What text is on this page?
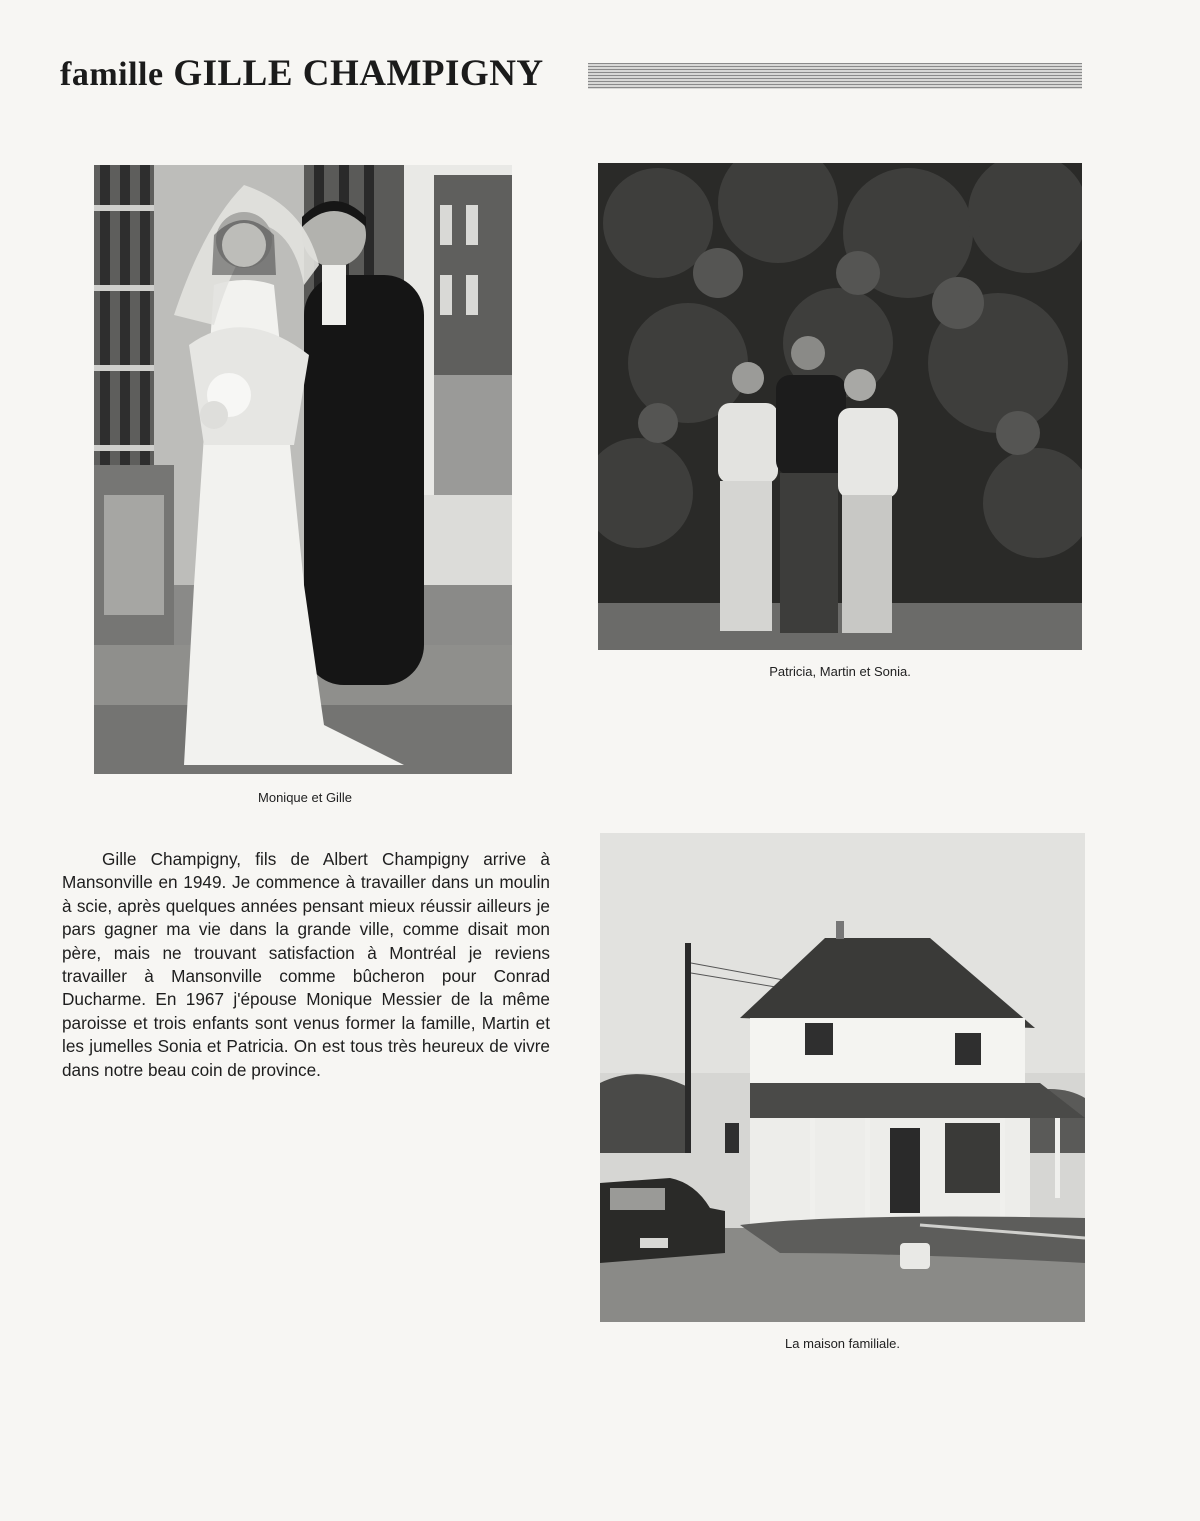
famille GILLE CHAMPIGNY

Monique et Gille

Patricia, Martin et Sonia.

Gille Champigny, fils de Albert Champigny arrive à Mansonville en 1949. Je commence à travailler dans un moulin à scie, après quelques années pensant mieux réussir ailleurs je pars gagner ma vie dans la grande ville, comme disait mon père, mais ne trouvant satisfaction à Montréal je reviens travailler à Mansonville comme bûcheron pour Conrad Ducharme. En 1967 j'épouse Monique Messier de la même paroisse et trois enfants sont venus former la famille, Martin et les jumelles Sonia et Patricia. On est tous très heureux de vivre dans notre beau coin de province.

La maison familiale.
